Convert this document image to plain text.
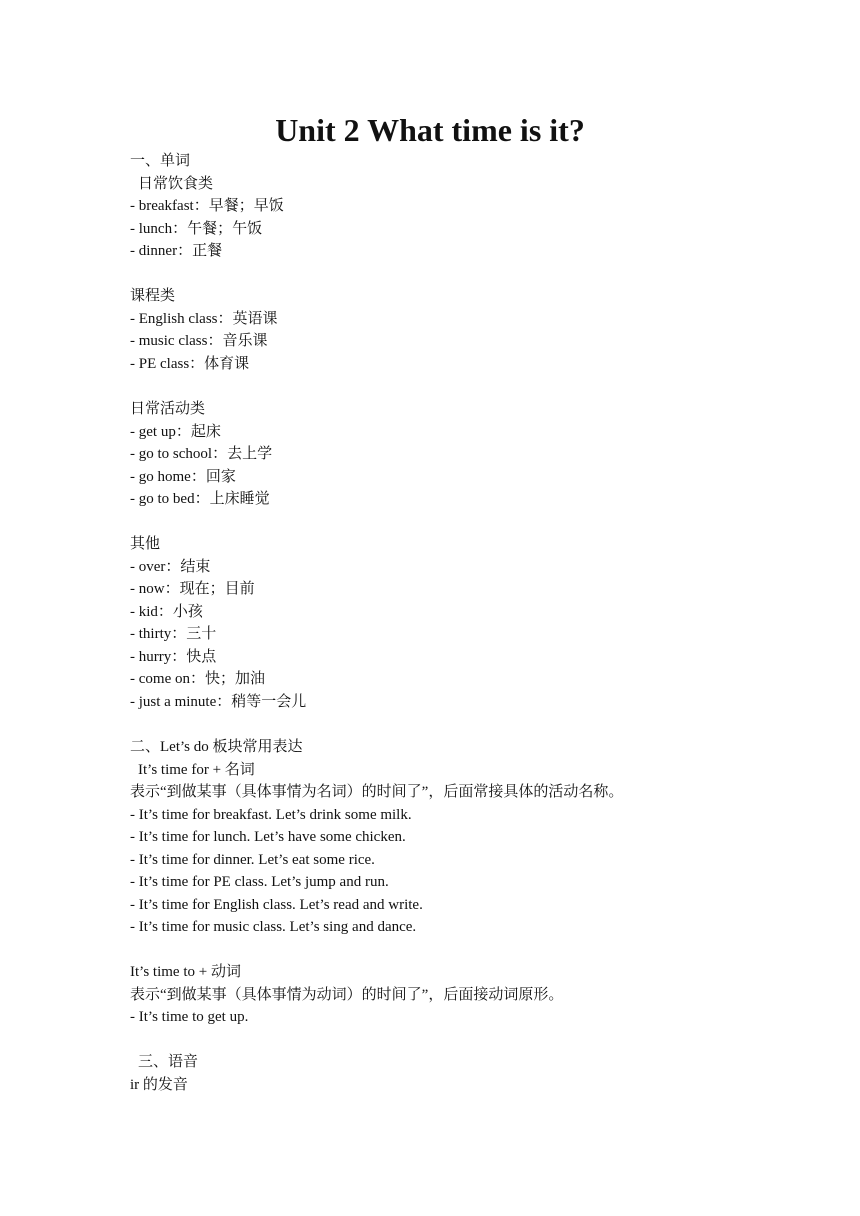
Unit 2 What time is it?

一、单词

日常饮食类

- breakfast：早餐；早饭

- lunch：午餐；午饭

- dinner：正餐

课程类

- English class：英语课

- music class：音乐课

- PE class：体育课

日常活动类

- get up：起床

- go to school：去上学

- go home：回家

- go to bed：上床睡觉

其他

- over：结束

- now：现在；目前

- kid：小孩

- thirty：三十

- hurry：快点

- come on：快；加油

- just a minute：稍等一会儿

二、Let’s do 板块常用表达

It’s time for + 名词

表示“到做某事（具体事情为名词）的时间了”，后面常接具体的活动名称。

- It’s time for breakfast. Let’s drink some milk.

- It’s time for lunch. Let’s have some chicken.

- It’s time for dinner. Let’s eat some rice.

- It’s time for PE class. Let’s jump and run.

- It’s time for English class. Let’s read and write.

- It’s time for music class. Let’s sing and dance.

It’s time to + 动词

表示“到做某事（具体事情为动词）的时间了”，后面接动词原形。

- It’s time to get up.

三、语音

ir 的发音
